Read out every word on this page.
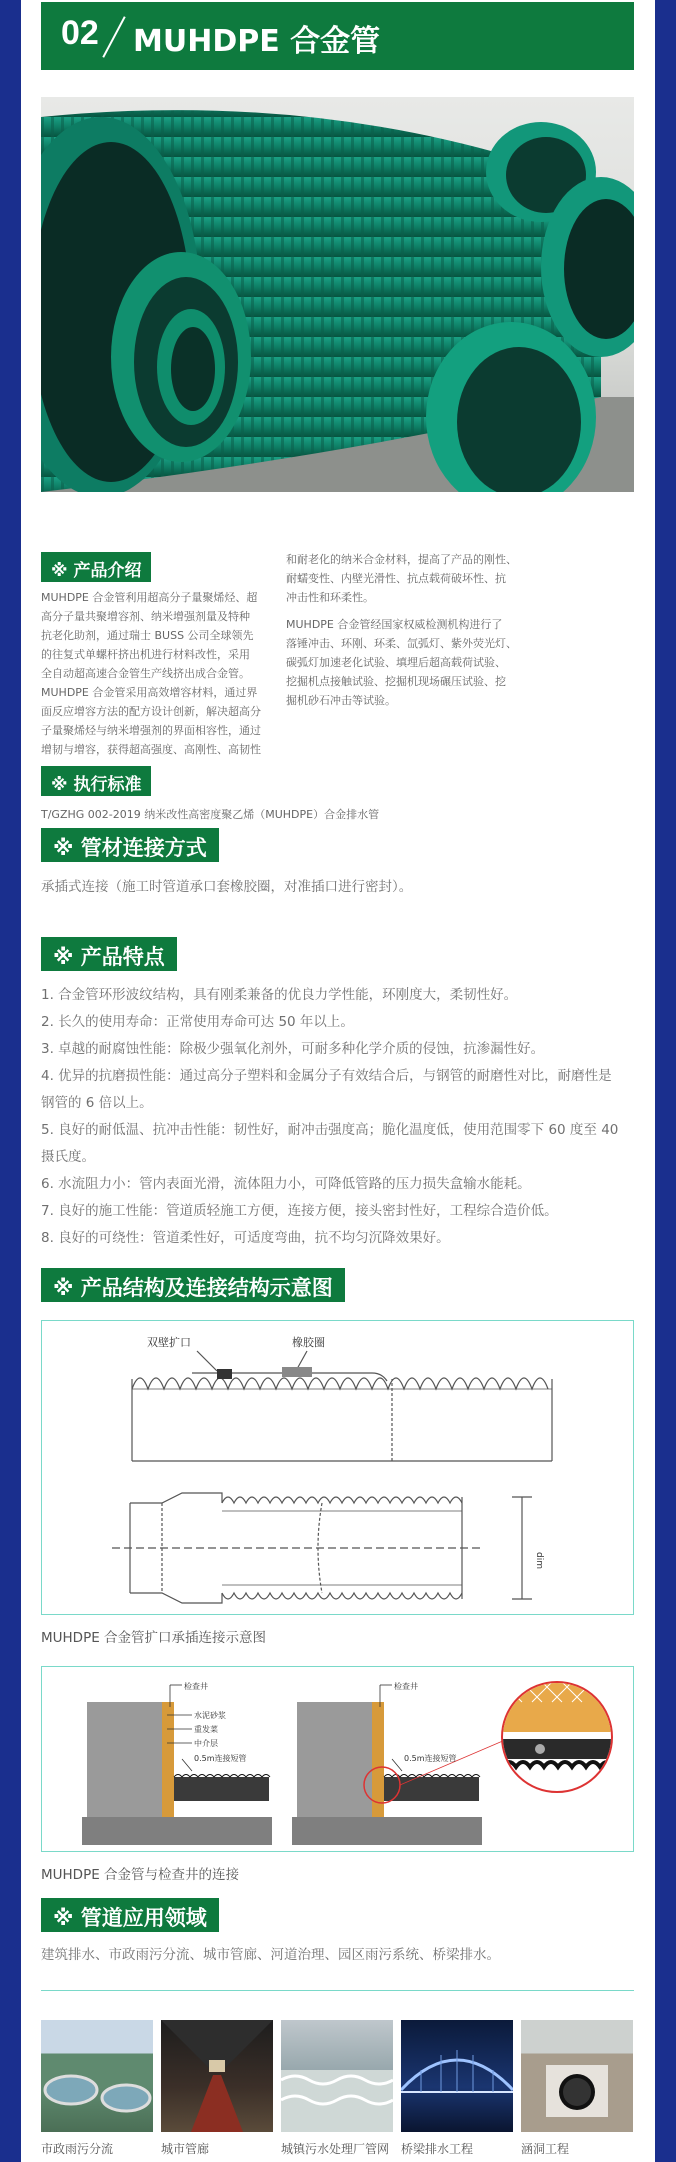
02 MUHDPE 合金管
※ 产品介绍
MUHDPE 合金管利用超高分子量聚烯烃、超
高分子量共聚增容剂、纳米增强剂量及特种
抗老化助剂，通过瑞士 BUSS 公司全球领先
的往复式单螺杆挤出机进行材料改性，采用
全自动超高速合金管生产线挤出成合金管。
MUHDPE 合金管采用高效增容材料，通过界
面反应增容方法的配方设计创新，解决超高分
子量聚烯烃与纳米增强剂的界面相容性，通过
增韧与增容，获得超高强度、高刚性、高韧性
和耐老化的纳米合金材料，提高了产品的刚性、
耐蠕变性、内壁光滑性、抗点载荷破坏性、抗
冲击性和环柔性。
MUHDPE 合金管经国家权威检测机构进行了
落锤冲击、环刚、环柔、氙弧灯、紫外荧光灯、
碳弧灯加速老化试验、填埋后超高载荷试验、
挖掘机点接触试验、挖掘机现场碾压试验、挖
掘机砂石冲击等试验。
※ 执行标准
T/GZHG 002-2019 纳米改性高密度聚乙烯（MUHDPE）合金排水管
※ 管材连接方式
承插式连接（施工时管道承口套橡胶圈，对准插口进行密封）。
※ 产品特点
1. 合金管环形波纹结构，具有刚柔兼备的优良力学性能，环刚度大，柔韧性好。
2. 长久的使用寿命：正常使用寿命可达 50 年以上。
3. 卓越的耐腐蚀性能：除极少强氧化剂外，可耐多种化学介质的侵蚀，抗渗漏性好。
4. 优异的抗磨损性能：通过高分子塑料和金属分子有效结合后，与钢管的耐磨性对比，耐磨性是
钢管的 6 倍以上。
5. 良好的耐低温、抗冲击性能：韧性好，耐冲击强度高；脆化温度低，使用范围零下 60 度至 40
摄氏度。
6. 水流阻力小：管内表面光滑，流体阻力小，可降低管路的压力损失盒输水能耗。
7. 良好的施工性能：管道质轻施工方便，连接方便，接头密封性好，工程综合造价低。
8. 良好的可绕性：管道柔性好，可适度弯曲，抗不均匀沉降效果好。
※ 产品结构及连接结构示意图
双壁扩口	橡胶圈
dim
MUHDPE 合金管扩口承插连接示意图
检查井
水泥砂浆
重发菜
中介层
0.5m连接短管
检查井
0.5m连接短管
MUHDPE 合金管与检查井的连接
※ 管道应用领域
建筑排水、市政雨污分流、城市管廊、河道治理、园区雨污系统、桥梁排水。
市政雨污分流	城市管廊	城镇污水处理厂管网 桥梁排水工程	涵洞工程
